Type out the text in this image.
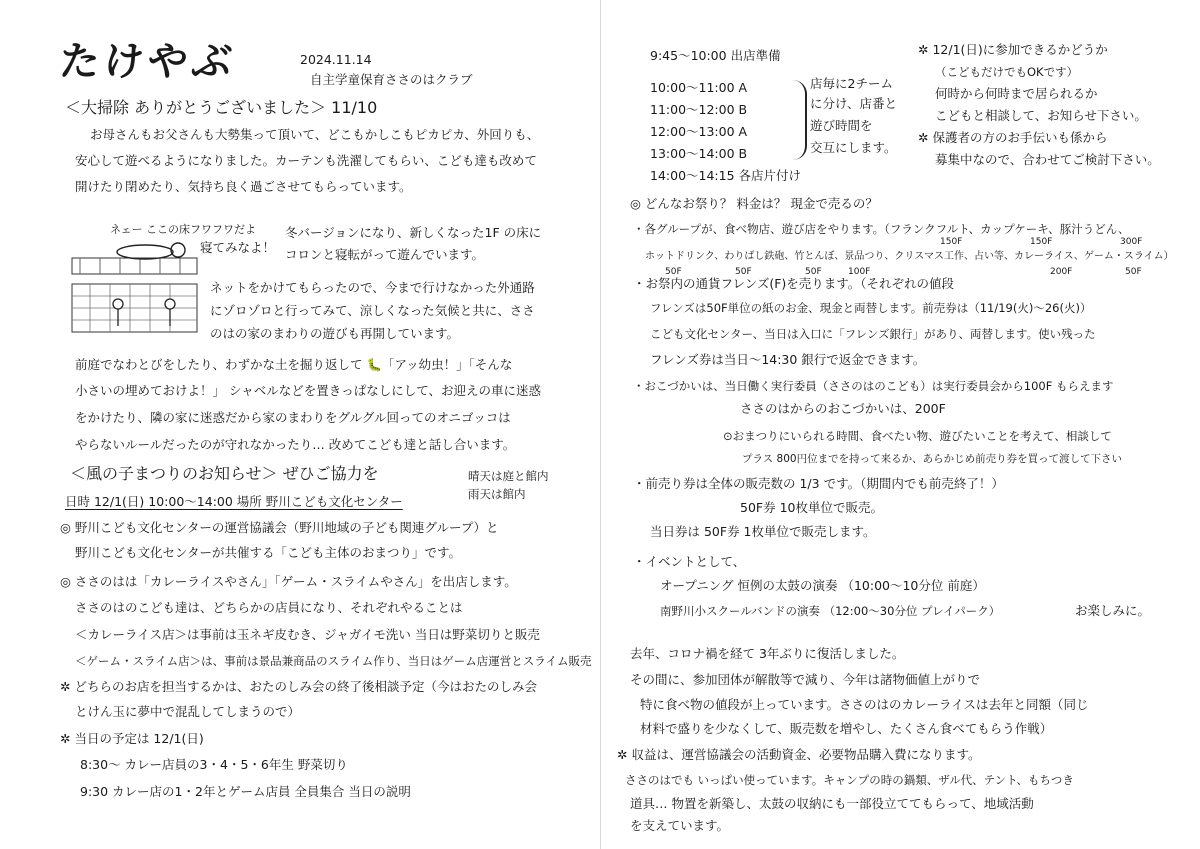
たけやぶ	2024.11.14
自主学童保育ささのはクラブ
＜大掃除 ありがとうございました＞ 11/10
お母さんもお父さんも大勢集って頂いて、どこもかしこもピカピカ、外回りも、
安心して遊べるようになりました。カーテンも洗濯してもらい、こども達も改めて
開けたり閉めたり、気持ち良く過ごさせてもらっています。
ネェー ここの床フワフワだよ
寝てみなよ！
冬バージョンになり、新しくなった1F の床に
コロンと寝転がって遊んでいます。
ネットをかけてもらったので、今まで行けなかった外通路
にゾロゾロと行ってみて、涼しくなった気候と共に、ささ
のはの家のまわりの遊びも再開しています。
前庭でなわとびをしたり、わずかな土を掘り返して 🐛「アッ幼虫！」「そんな
小さいの埋めておけよ！」 シャベルなどを置きっぱなしにして、お迎えの車に迷惑
をかけたり、隣の家に迷惑だから家のまわりをグルグル回ってのオニゴッコは
やらないルールだったのが守れなかったり… 改めてこども達と話し合います。
＜風の子まつりのお知らせ＞ ぜひご協力を	晴天は庭と館内
雨天は館内
日時 12/1(日) 10:00〜14:00 場所 野川こども文化センター
◎ 野川こども文化センターの運営協議会（野川地域の子ども関連グループ）と
野川こども文化センターが共催する「こども主体のおまつり」です。
◎ ささのはは「カレーライスやさん」「ゲーム・スライムやさん」を出店します。
ささのはのこども達は、どちらかの店員になり、それぞれやることは
＜カレーライス店＞は事前は玉ネギ皮むき、ジャガイモ洗い 当日は野菜切りと販売
＜ゲーム・スライム店＞は、事前は景品兼商品のスライム作り、当日はゲーム店運営とスライム販売
✲ どちらのお店を担当するかは、おたのしみ会の終了後相談予定（今はおたのしみ会
とけん玉に夢中で混乱してしまうので）
✲ 当日の予定は 12/1(日)
8:30〜 カレー店員の3・4・5・6年生 野菜切り
9:30 カレー店の1・2年とゲーム店員 全員集合 当日の説明
9:45〜10:00 出店準備
10:00〜11:00 A
11:00〜12:00 B
12:00〜13:00 A
13:00〜14:00 B
14:00〜14:15 各店片付け
店毎に2チーム
に分け、店番と
遊び時間を
交互にします。
✲ 12/1(日)に参加できるかどうか
（こどもだけでもOKです）
何時から何時まで居られるか
こどもと相談して、お知らせ下さい。
✲ 保護者の方のお手伝いも係から
募集中なので、合わせてご検討下さい。
◎ どんなお祭り？ 料金は？ 現金で売るの？
・各グループが、食べ物店、遊び店をやります。（フランクフルト、カップケーキ、豚汁うどん、
150F	150F	300F
ホットドリンク、わりばし鉄砲、竹とんぼ、景品つり、クリスマス工作、占い等、カレーライス、ゲーム・スライム）
50F	50F	50F	100F	200F	50F
・お祭内の通貨フレンズ(F)を売ります。（それぞれの値段
フレンズは50F単位の紙のお金、現金と両替します。前売券は（11/19(火)〜26(火)）
こども文化センター、当日は入口に「フレンズ銀行」があり、両替します。使い残った
フレンズ券は当日〜14:30 銀行で返金できます。
・おこづかいは、当日働く実行委員（ささのはのこども）は実行委員会から100F もらえます
ささのはからのおこづかいは、200F
⊙おまつりにいられる時間、食べたい物、遊びたいことを考えて、相談して
プラス 800円位までを持って来るか、あらかじめ前売り券を買って渡して下さい
・前売り券は全体の販売数の 1/3 です。（期間内でも前売終了！）
50F券 10枚単位で販売。
当日券は 50F券 1枚単位で販売します。
・イベントとして、
オープニング 恒例の太鼓の演奏 （10:00〜10分位 前庭）
南野川小スクールバンドの演奏 （12:00〜30分位 プレイパーク）	お楽しみに。
去年、コロナ禍を経て 3年ぶりに復活しました。
その間に、参加団体が解散等で減り、今年は諸物価値上がりで
特に食べ物の値段が上っています。ささのはのカレーライスは去年と同額（同じ
材料で盛りを少なくして、販売数を増やし、たくさん食べてもらう作戦）
✲ 収益は、運営協議会の活動資金、必要物品購入費になります。
ささのはでも いっぱい使っています。キャンプの時の鍋類、ザル代、テント、もちつき
道具… 物置を新築し、太鼓の収納にも一部役立ててもらって、地域活動
を支えています。
